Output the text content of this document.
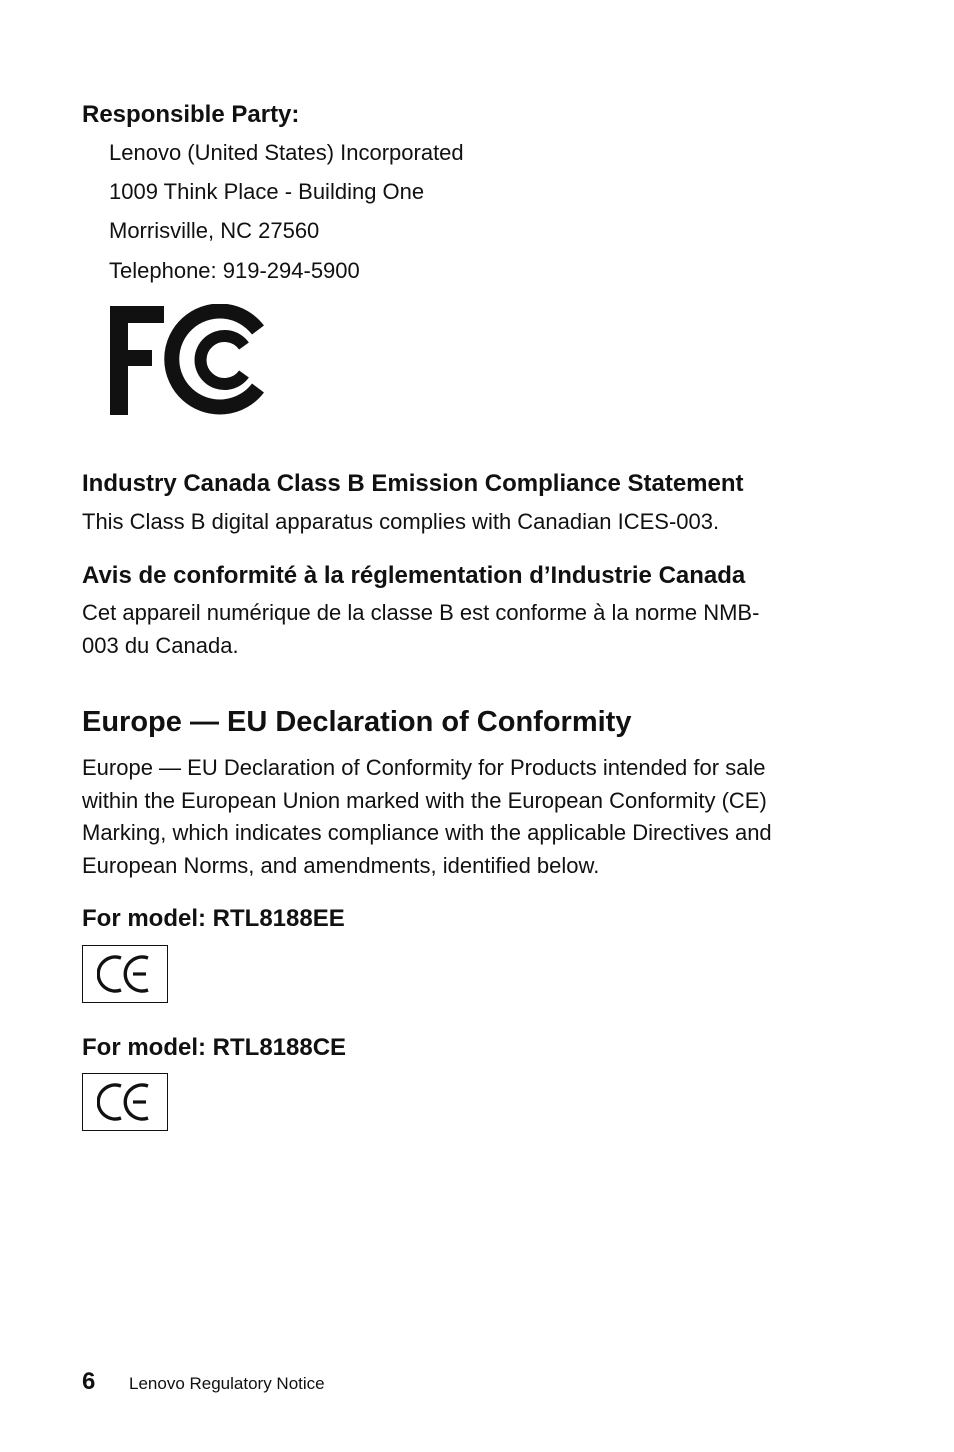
Responsible Party:
Lenovo (United States) Incorporated
1009 Think Place - Building One
Morrisville, NC 27560
Telephone: 919-294-5900
Industry Canada Class B Emission Compliance Statement
This Class B digital apparatus complies with Canadian ICES-003.
Avis de conformité à la réglementation d’Industrie Canada
Cet appareil numérique de la classe B est conforme à la norme NMB-
003 du Canada.
Europe — EU Declaration of Conformity
Europe — EU Declaration of Conformity for Products intended for sale
within the European Union marked with the European Conformity (CE)
Marking, which indicates compliance with the applicable Directives and
European Norms, and amendments, identified below.
For model: RTL8188EE
For model: RTL8188CE
6 Lenovo Regulatory Notice
